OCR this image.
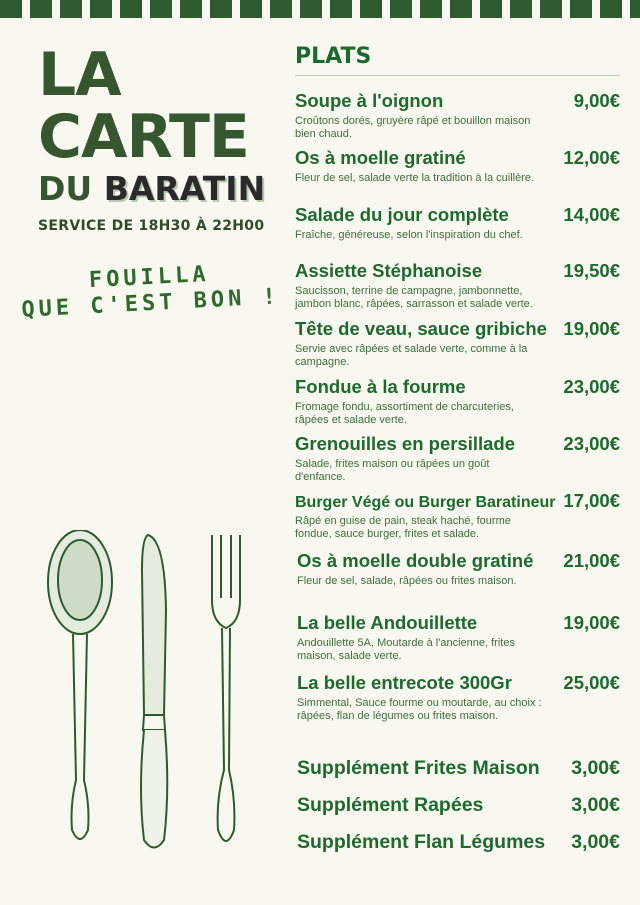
LA
CARTE
DU BARATIN
SERVICE DE 18H30 À 22H00
FOUILLA
QUE C'EST BON !
PLATS
Soupe à l'oignon	9,00€
Croûtons dorés, gruyère râpé et bouillon maison bien chaud.
Os à moelle gratiné	12,00€
Fleur de sel, salade verte la tradition à la cuillère.
Salade du jour complète	14,00€
Fraîche, généreuse, selon l'inspiration du chef.
Assiette Stéphanoise	19,50€
Saucisson, terrine de campagne, jambonnette, jambon blanc, râpées, sarrasson et salade verte.
Tête de veau, sauce gribiche 19,00€
Servie avec râpées et salade verte, comme à la campagne.
Fondue à la fourme	23,00€
Fromage fondu, assortiment de charcuteries, râpées et salade verte.
Grenouilles en persillade	23,00€
Salade, frites maison ou râpées un goût d'enfance.
Burger Végé ou Burger Baratineur 17,00€
Râpé en guise de pain, steak haché, fourme fondue, sauce burger, frites et salade.
Os à moelle double gratiné 21,00€
Fleur de sel, salade, râpées ou frites maison.
La belle Andouillette	19,00€
Andouillette 5A, Moutarde à l'ancienne, frites maison, salade verte.
La belle entrecote 300Gr	25,00€
Simmental, Sauce fourme ou moutarde, au choix : râpées, flan de légumes ou frites maison.
Supplément Frites Maison 3,00€
Supplément Rapées	3,00€
Supplément Flan Légumes 3,00€
